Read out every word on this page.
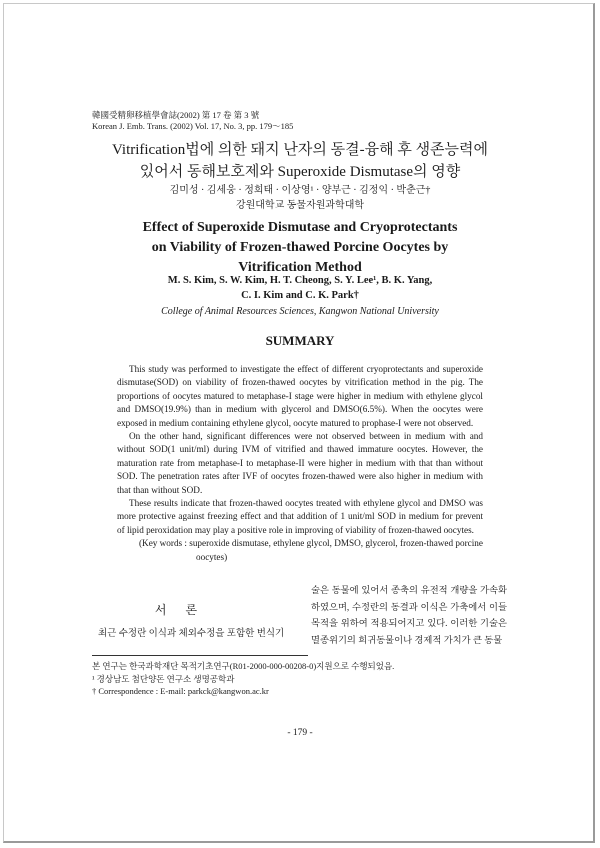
韓國受精卵移植學會誌(2002) 第 17 卷 第 3 號
Korean J. Emb. Trans. (2002) Vol. 17, No. 3, pp. 179～185
Vitrification법에 의한 돼지 난자의 동결-융해 후 생존능력에
있어서 동해보호제와 Superoxide Dismutase의 영향
김미성 · 김세웅 · 정희태 · 이상영¹ · 양부근 · 김정익 · 박춘근†
강원대학교 동물자원과학대학
Effect of Superoxide Dismutase and Cryoprotectants
on Viability of Frozen-thawed Porcine Oocytes by
Vitrification Method
M. S. Kim, S. W. Kim, H. T. Cheong, S. Y. Lee¹, B. K. Yang,
C. I. Kim and C. K. Park†
College of Animal Resources Sciences, Kangwon National University
SUMMARY

This study was performed to investigate the effect of different cryoprotectants and superoxide dismutase(SOD) on viability of frozen-thawed oocytes by vitrification method in the pig. The proportions of oocytes matured to metaphase-I stage were higher in medium with ethylene glycol and DMSO(19.9%) than in medium with glycerol and DMSO(6.5%). When the oocytes were exposed in medium containing ethylene glycol, oocyte matured to prophase-I were not observed.

On the other hand, significant differences were not observed between in medium with and without SOD(1 unit/ml) during IVM of vitrified and thawed immature oocytes. However, the maturation rate from metaphase-I to metaphase-II were higher in medium with that than without SOD. The penetration rates after IVF of oocytes frozen-thawed were also higher in medium with that than without SOD.

These results indicate that frozen-thawed oocytes treated with ethylene glycol and DMSO was more protective against freezing effect and that addition of 1 unit/ml SOD in medium for prevent of lipid peroxidation may play a positive role in improving of viability of frozen-thawed oocytes.

(Key words : superoxide dismutase, ethylene glycol, DMSO, glycerol, frozen-thawed porcine

oocytes)

서 론
최근 수정란 이식과 체외수정을 포함한 번식기
술은 동물에 있어서 종축의 유전적 개량을 가속화 하였으며, 수정란의 동결과 이식은 가축에서 이들 목적을 위하여 적용되어지고 있다. 이러한 기술은 멸종위기의 희귀동물이나 경제적 가치가 큰 동물
본 연구는 한국과학재단 목적기초연구(R01-2000-000-00208-0)지원으로 수행되었음.
¹ 경상남도 첨단양돈 연구소 생명공학과
† Correspondence : E-mail: parkck@kangwon.ac.kr
- 179 -
